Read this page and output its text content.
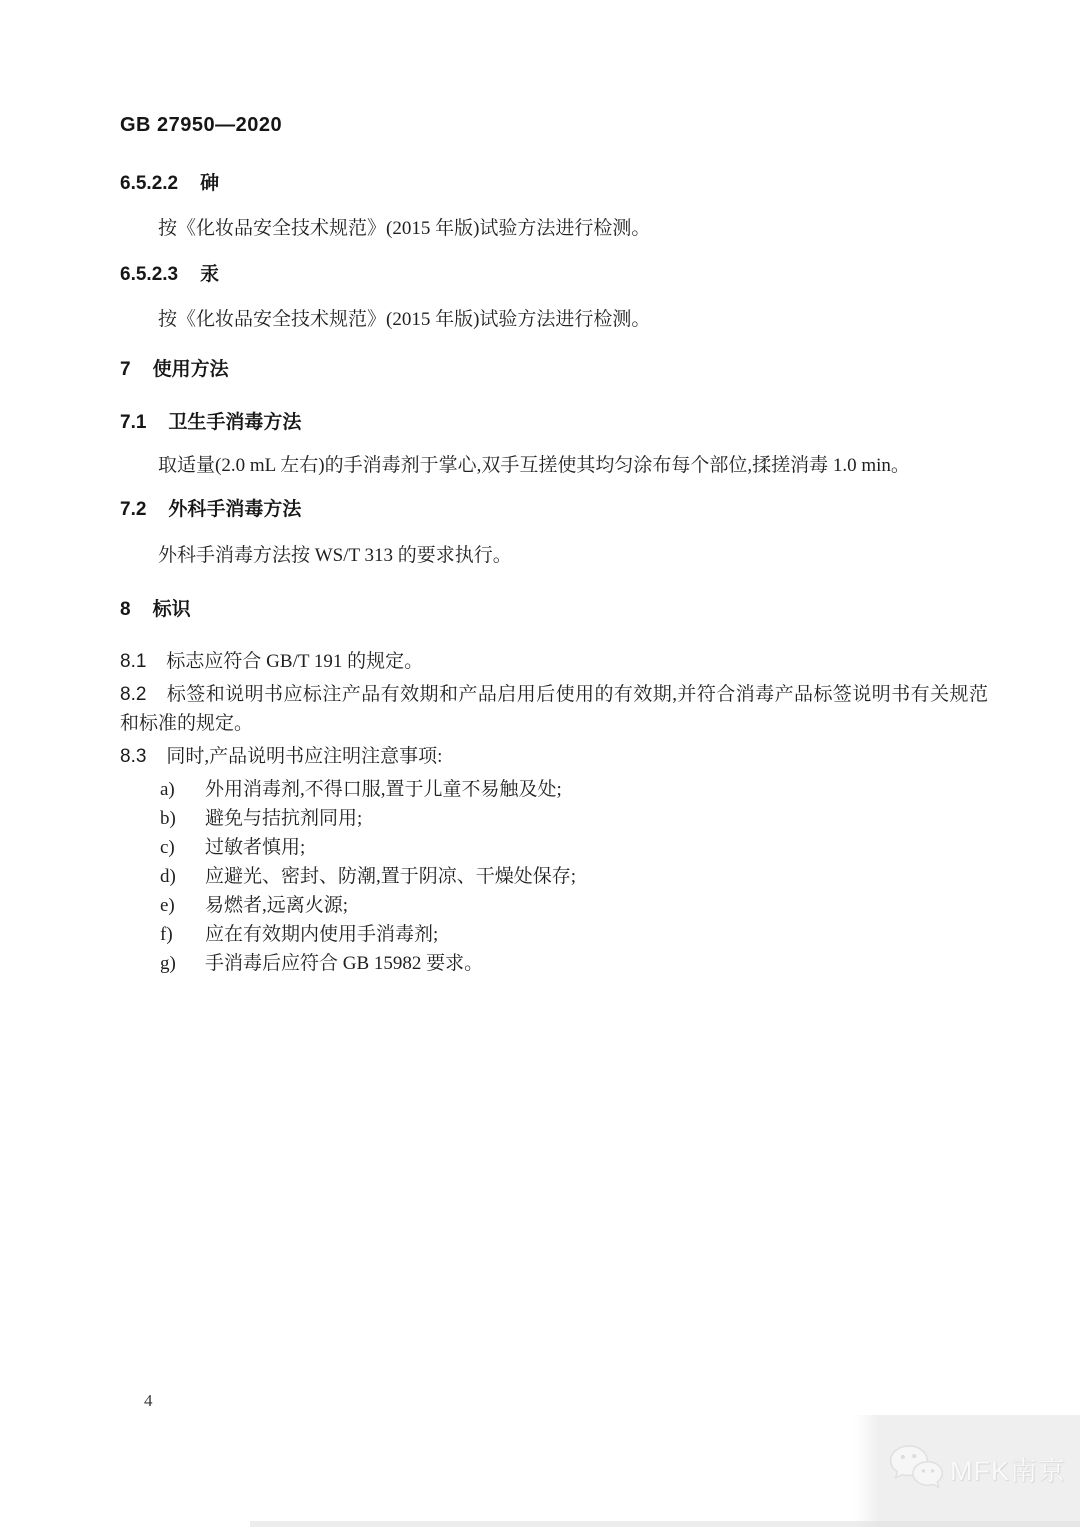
GB 27950—2020
6.5.2.2 砷

按《化妆品安全技术规范》(2015 年版)试验方法进行检测。

6.5.2.3 汞

按《化妆品安全技术规范》(2015 年版)试验方法进行检测。

7 使用方法
7.1 卫生手消毒方法

取适量(2.0 mL 左右)的手消毒剂于掌心,双手互搓使其均匀涂布每个部位,揉搓消毒 1.0 min。

7.2 外科手消毒方法

外科手消毒方法按 WS/T 313 的要求执行。

8 标识

8.1 标志应符合 GB/T 191 的规定。

8.2 标签和说明书应标注产品有效期和产品启用后使用的有效期,并符合消毒产品标签说明书有关规范和标准的规定。

8.3 同时,产品说明书应注明注意事项:

a)	外用消毒剂,不得口服,置于儿童不易触及处;
b)	避免与拮抗剂同用;
c)	过敏者慎用;
d)	应避光、密封、防潮,置于阴凉、干燥处保存;
e)	易燃者,远离火源;
f)	应在有效期内使用手消毒剂;
g)	手消毒后应符合 GB 15982 要求。
4
MFK南京
